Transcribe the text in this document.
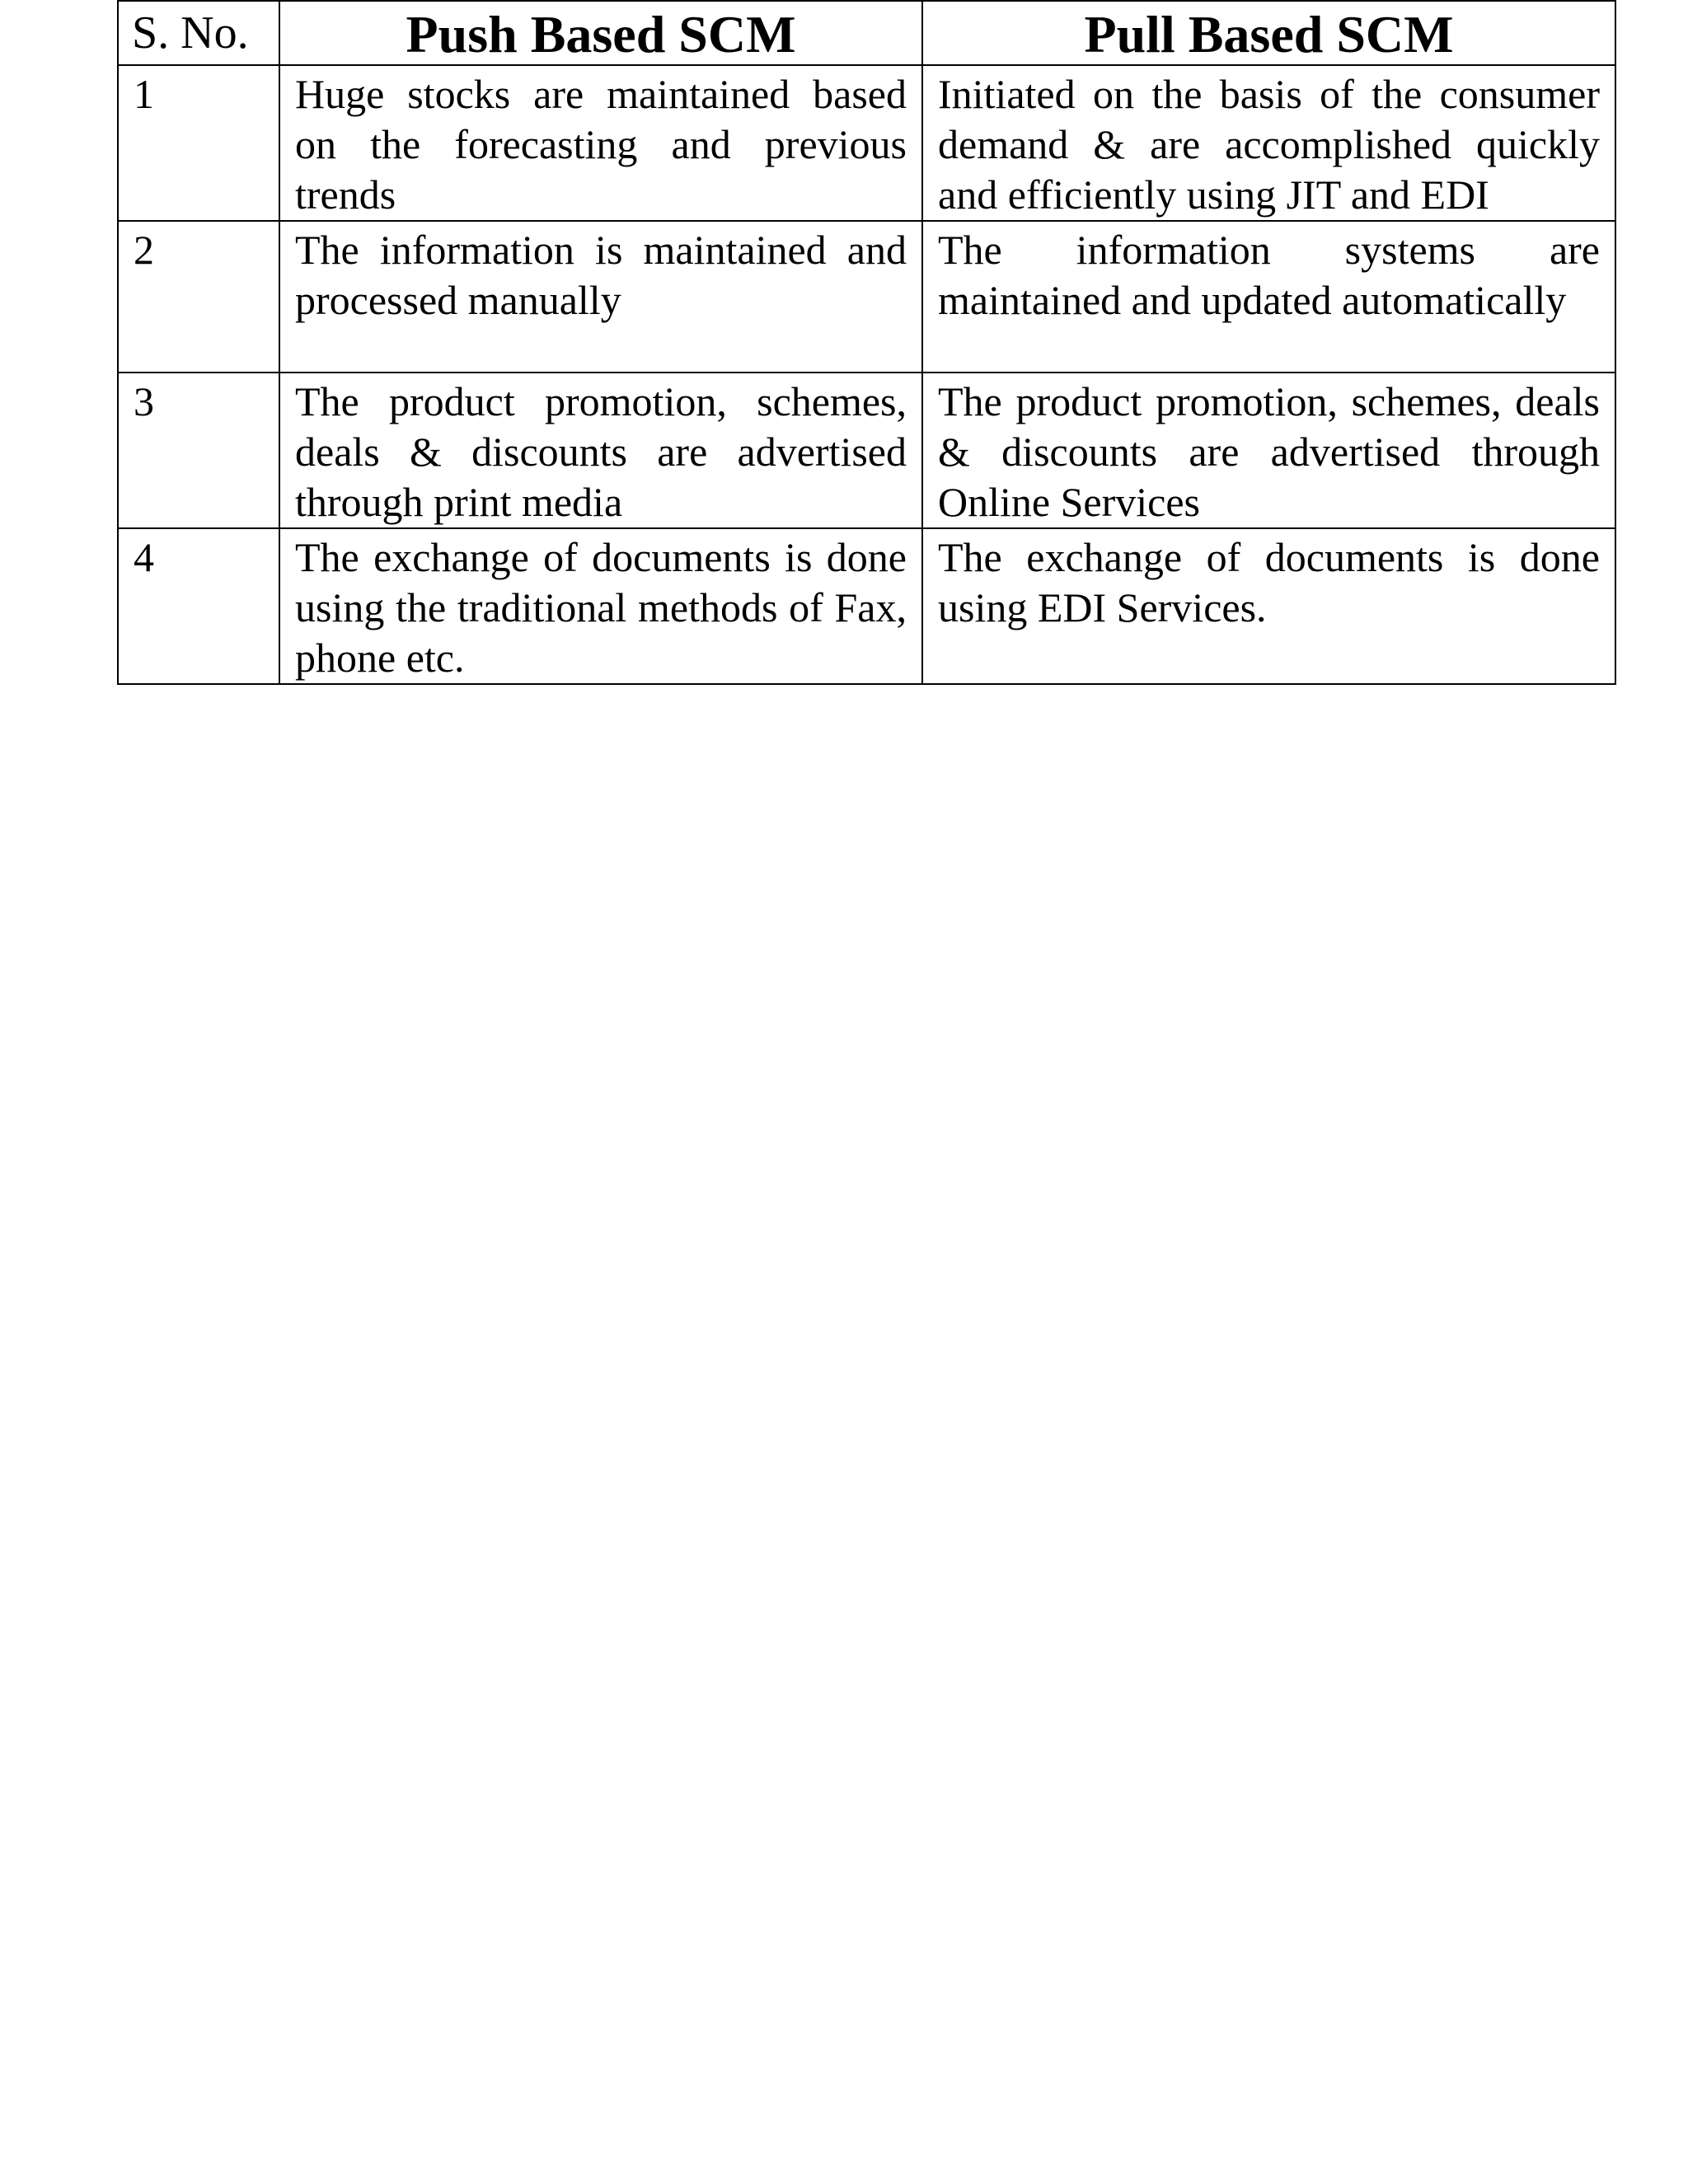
S. No.	Push Based SCM	Pull Based SCM
1	Huge stocks are maintained based on the forecasting and previous trends	Initiated on the basis of the consumer demand & are accomplished quickly and efficiently using JIT and EDI
2	The information is maintained and processed manually	The information systems are maintained and updated automatically
3	The product promotion, schemes, deals & discounts are advertised through print media	The product promotion, schemes, deals & discounts are advertised through Online Services
4	The exchange of documents is done using the traditional methods of Fax, phone etc.	The exchange of documents is done using EDI Services.
